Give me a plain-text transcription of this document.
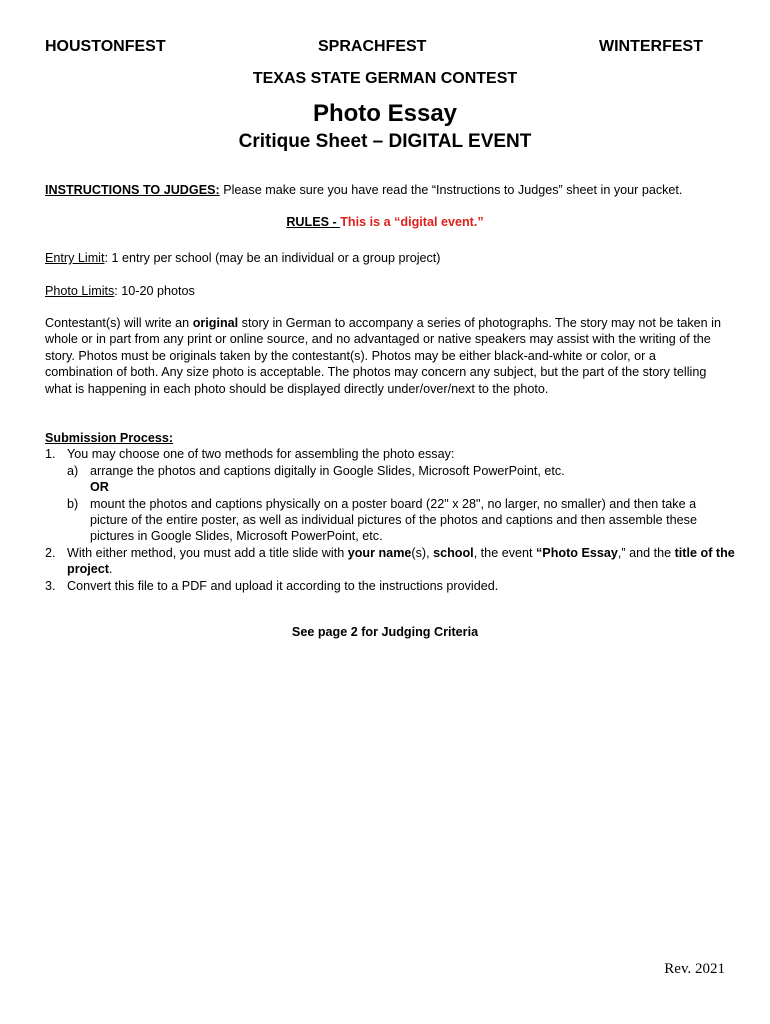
HOUSTONFEST	SPRACHFEST	WINTERFEST
TEXAS STATE GERMAN CONTEST
Photo Essay
Critique Sheet – DIGITAL EVENT
INSTRUCTIONS TO JUDGES: Please make sure you have read the “Instructions to Judges” sheet in your packet.
RULES - This is a “digital event.”
Entry Limit: 1 entry per school (may be an individual or a group project)
Photo Limits: 10-20 photos
Contestant(s) will write an original story in German to accompany a series of photographs. The story may not be taken in whole or in part from any print or online source, and no advantaged or native speakers may assist with the writing of the story. Photos must be originals taken by the contestant(s). Photos may be either black-and-white or color, or a combination of both. Any size photo is acceptable. The photos may concern any subject, but the part of the story telling what is happening in each photo should be displayed directly under/over/next to the photo.
Submission Process:
1. You may choose one of two methods for assembling the photo essay:
a) arrange the photos and captions digitally in Google Slides, Microsoft PowerPoint, etc.
OR
b) mount the photos and captions physically on a poster board (22" x 28", no larger, no smaller) and then take a picture of the entire poster, as well as individual pictures of the photos and captions and then assemble these pictures in Google Slides, Microsoft PowerPoint, etc.
2. With either method, you must add a title slide with your name(s), school, the event “Photo Essay,” and the title of the project.
3. Convert this file to a PDF and upload it according to the instructions provided.
See page 2 for Judging Criteria
Rev. 2021
